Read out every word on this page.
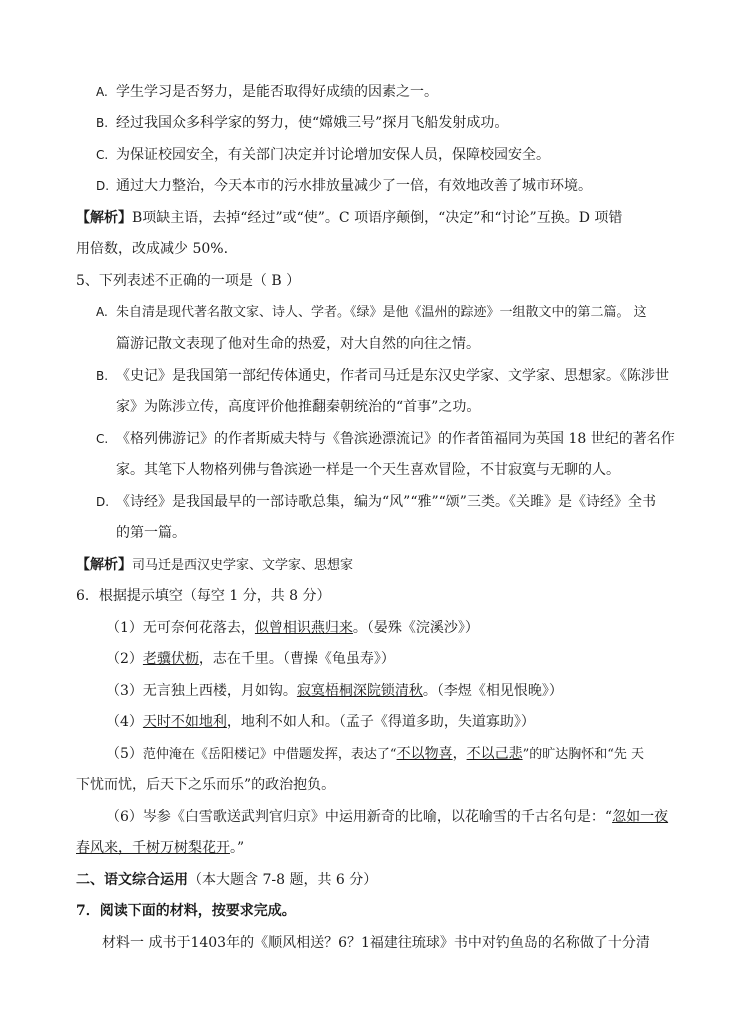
A. 学生学习是否努力，是能否取得好成绩的因素之一。
B. 经过我国众多科学家的努力，使“嫦娥三号”探月飞船发射成功。
C. 为保证校园安全，有关部门决定并讨论增加安保人员，保障校园安全。
D. 通过大力整治，今天本市的污水排放量减少了一倍，有效地改善了城市环境。
【解析】B项缺主语，去掉“经过”或“使”。C 项语序颠倒，“决定”和“讨论”互换。D 项错
用倍数，改成减少 50%.
5、下列表述不正确的一项是（ B ）
A. 朱自清是现代著名散文家、诗人、学者。《绿》是他《温州的踪迹》一组散文中的第二篇。 这
篇游记散文表现了他对生命的热爱，对大自然的向往之情。
B. 《史记》是我国第一部纪传体通史，作者司马迁是东汉史学家、文学家、思想家。《陈涉世
家》为陈涉立传，高度评价他推翻秦朝统治的“首事”之功。
C. 《格列佛游记》的作者斯威夫特与《鲁滨逊漂流记》的作者笛福同为英国 18 世纪的著名作
家。其笔下人物格列佛与鲁滨逊一样是一个天生喜欢冒险，不甘寂寞与无聊的人。
D. 《诗经》是我国最早的一部诗歌总集，编为“风”“雅”“颂”三类。《关雎》是《诗经》全书
的第一篇。
【解析】司马迁是西汉史学家、文学家、思想家
6．根据提示填空（每空 1 分，共 8 分）
（1）无可奈何花落去，似曾相识燕归来。（晏殊《浣溪沙》）
（2）老骥伏枥，志在千里。（曹操《龟虽寿》）
（3）无言独上西楼，月如钩。寂寞梧桐深院锁清秋。（李煜《相见恨晚》）
（4）天时不如地利，地利不如人和。（孟子《得道多助，失道寡助》）
（5）范仲淹在《岳阳楼记》中借题发挥，表达了“不以物喜，不以己悲”的旷达胸怀和“先 天
下忧而忧，后天下之乐而乐”的政治抱负。
（6）岑参《白雪歌送武判官归京》中运用新奇的比喻，以花喻雪的千古名句是：“忽如一夜
春风来，千树万树梨花开。”
二、语文综合运用（本大题含 7-8 题，共 6 分）
7．阅读下面的材料，按要求完成。
材料一 成书于1403年的《顺风相送？6？1福建往琉球》书中对钓鱼岛的名称做了十分清
